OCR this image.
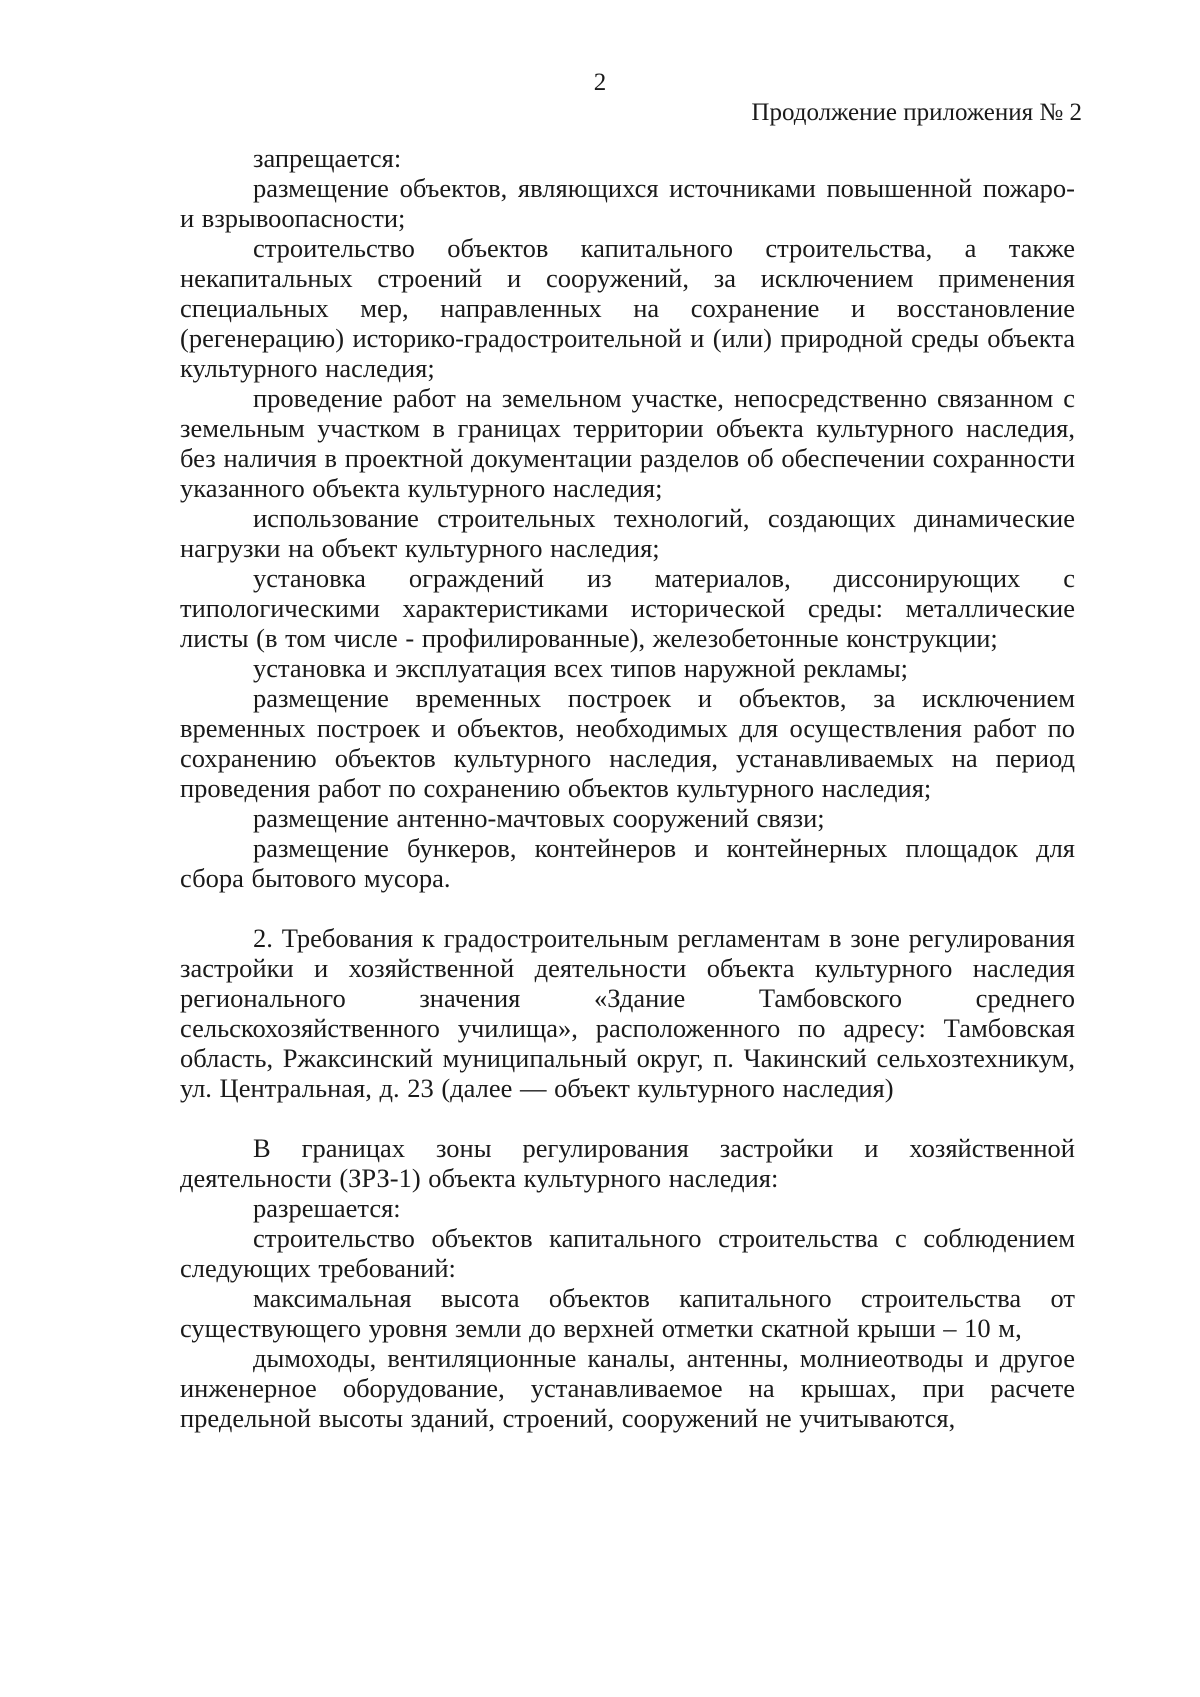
2
Продолжение приложения № 2

запрещается:

размещение объектов, являющихся источниками повышенной пожаро- и взрывоопасности;

строительство объектов капитального строительства, а также некапитальных строений и сооружений, за исключением применения специальных мер, направленных на сохранение и восстановление (регенерацию) историко-градостроительной и (или) природной среды объекта культурного наследия;

проведение работ на земельном участке, непосредственно связанном с земельным участком в границах территории объекта культурного наследия, без наличия в проектной документации разделов об обеспечении сохранности указанного объекта культурного наследия;

использование строительных технологий, создающих динамические нагрузки на объект культурного наследия;

установка ограждений из материалов, диссонирующих с типологическими характеристиками исторической среды: металлические листы (в том числе - профилированные), железобетонные конструкции;

установка и эксплуатация всех типов наружной рекламы;

размещение временных построек и объектов, за исключением временных построек и объектов, необходимых для осуществления работ по сохранению объектов культурного наследия, устанавливаемых на период проведения работ по сохранению объектов культурного наследия;

размещение антенно-мачтовых сооружений связи;

размещение бункеров, контейнеров и контейнерных площадок для сбора бытового мусора.

2. Требования к градостроительным регламентам в зоне регулирования застройки и хозяйственной деятельности объекта культурного наследия регионального значения «Здание Тамбовского среднего сельскохозяйственного училища», расположенного по адресу: Тамбовская область, Ржаксинский муниципальный округ, п. Чакинский сельхозтехникум, ул. Центральная, д. 23 (далее — объект культурного наследия)

В границах зоны регулирования застройки и хозяйственной деятельности (ЗРЗ-1) объекта культурного наследия:

разрешается:

строительство объектов капитального строительства с соблюдением следующих требований:

максимальная высота объектов капитального строительства от существующего уровня земли до верхней отметки скатной крыши – 10 м,

дымоходы, вентиляционные каналы, антенны, молниеотводы и другое инженерное оборудование, устанавливаемое на крышах, при расчете предельной высоты зданий, строений, сооружений не учитываются,
